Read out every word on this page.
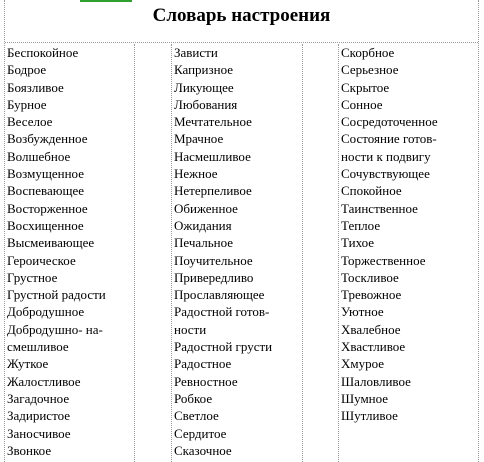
Словарь настроения
Беспокойное
Бодрое
Боязливое
Бурное
Веселое
Возбужденное
Волшебное
Возмущенное
Воспевающее
Восторженное
Восхищенное
Высмеивающее
Героическое
Грустное
Грустной радости
Добродушное
Добродушно- на-
смешливое
Жуткое
Жалостливое
Загадочное
Задиристое
Заносчивое
Звонкое
Зависти
Капризное
Ликующее
Любования
Мечтательное
Мрачное
Насмешливое
Нежное
Нетерпеливое
Обиженное
Ожидания
Печальное
Поучительное
Привередливо
Прославляющее
Радостной готов-
ности
Радостной грусти
Радостное
Ревностное
Робкое
Светлое
Сердитое
Сказочное
Скорбное
Серьезное
Скрытое
Сонное
Сосредоточенное
Состояние готов-
ности к подвигу
Сочувствующее
Спокойное
Таинственное
Теплое
Тихое
Торжественное
Тоскливое
Тревожное
Уютное
Хвалебное
Хвастливое
Хмурое
Шаловливое
Шумное
Шутливое
